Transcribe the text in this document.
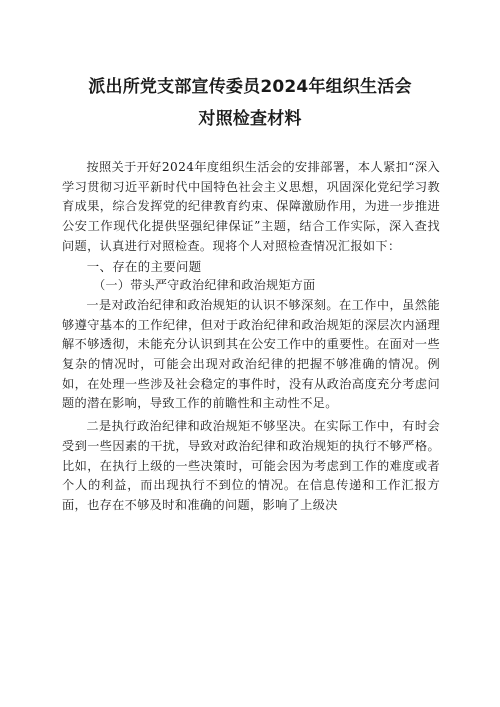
派出所党支部宣传委员2024年组织生活会
对照检查材料

按照关于开好2024年度组织生活会的安排部署，本人紧扣“深入学习贯彻习近平新时代中国特色社会主义思想，巩固深化党纪学习教育成果，综合发挥党的纪律教育约束、保障激励作用，为进一步推进公安工作现代化提供坚强纪律保证”主题，结合工作实际，深入查找问题，认真进行对照检查。现将个人对照检查情况汇报如下：

一、存在的主要问题

（一）带头严守政治纪律和政治规矩方面

一是对政治纪律和政治规矩的认识不够深刻。在工作中，虽然能够遵守基本的工作纪律，但对于政治纪律和政治规矩的深层次内涵理解不够透彻，未能充分认识到其在公安工作中的重要性。在面对一些复杂的情况时，可能会出现对政治纪律的把握不够准确的情况。例如，在处理一些涉及社会稳定的事件时，没有从政治高度充分考虑问题的潜在影响，导致工作的前瞻性和主动性不足。

二是执行政治纪律和政治规矩不够坚决。在实际工作中，有时会受到一些因素的干扰，导致对政治纪律和政治规矩的执行不够严格。比如，在执行上级的一些决策时，可能会因为考虑到工作的难度或者个人的利益，而出现执行不到位的情况。在信息传递和工作汇报方面，也存在不够及时和准确的问题，影响了上级决
